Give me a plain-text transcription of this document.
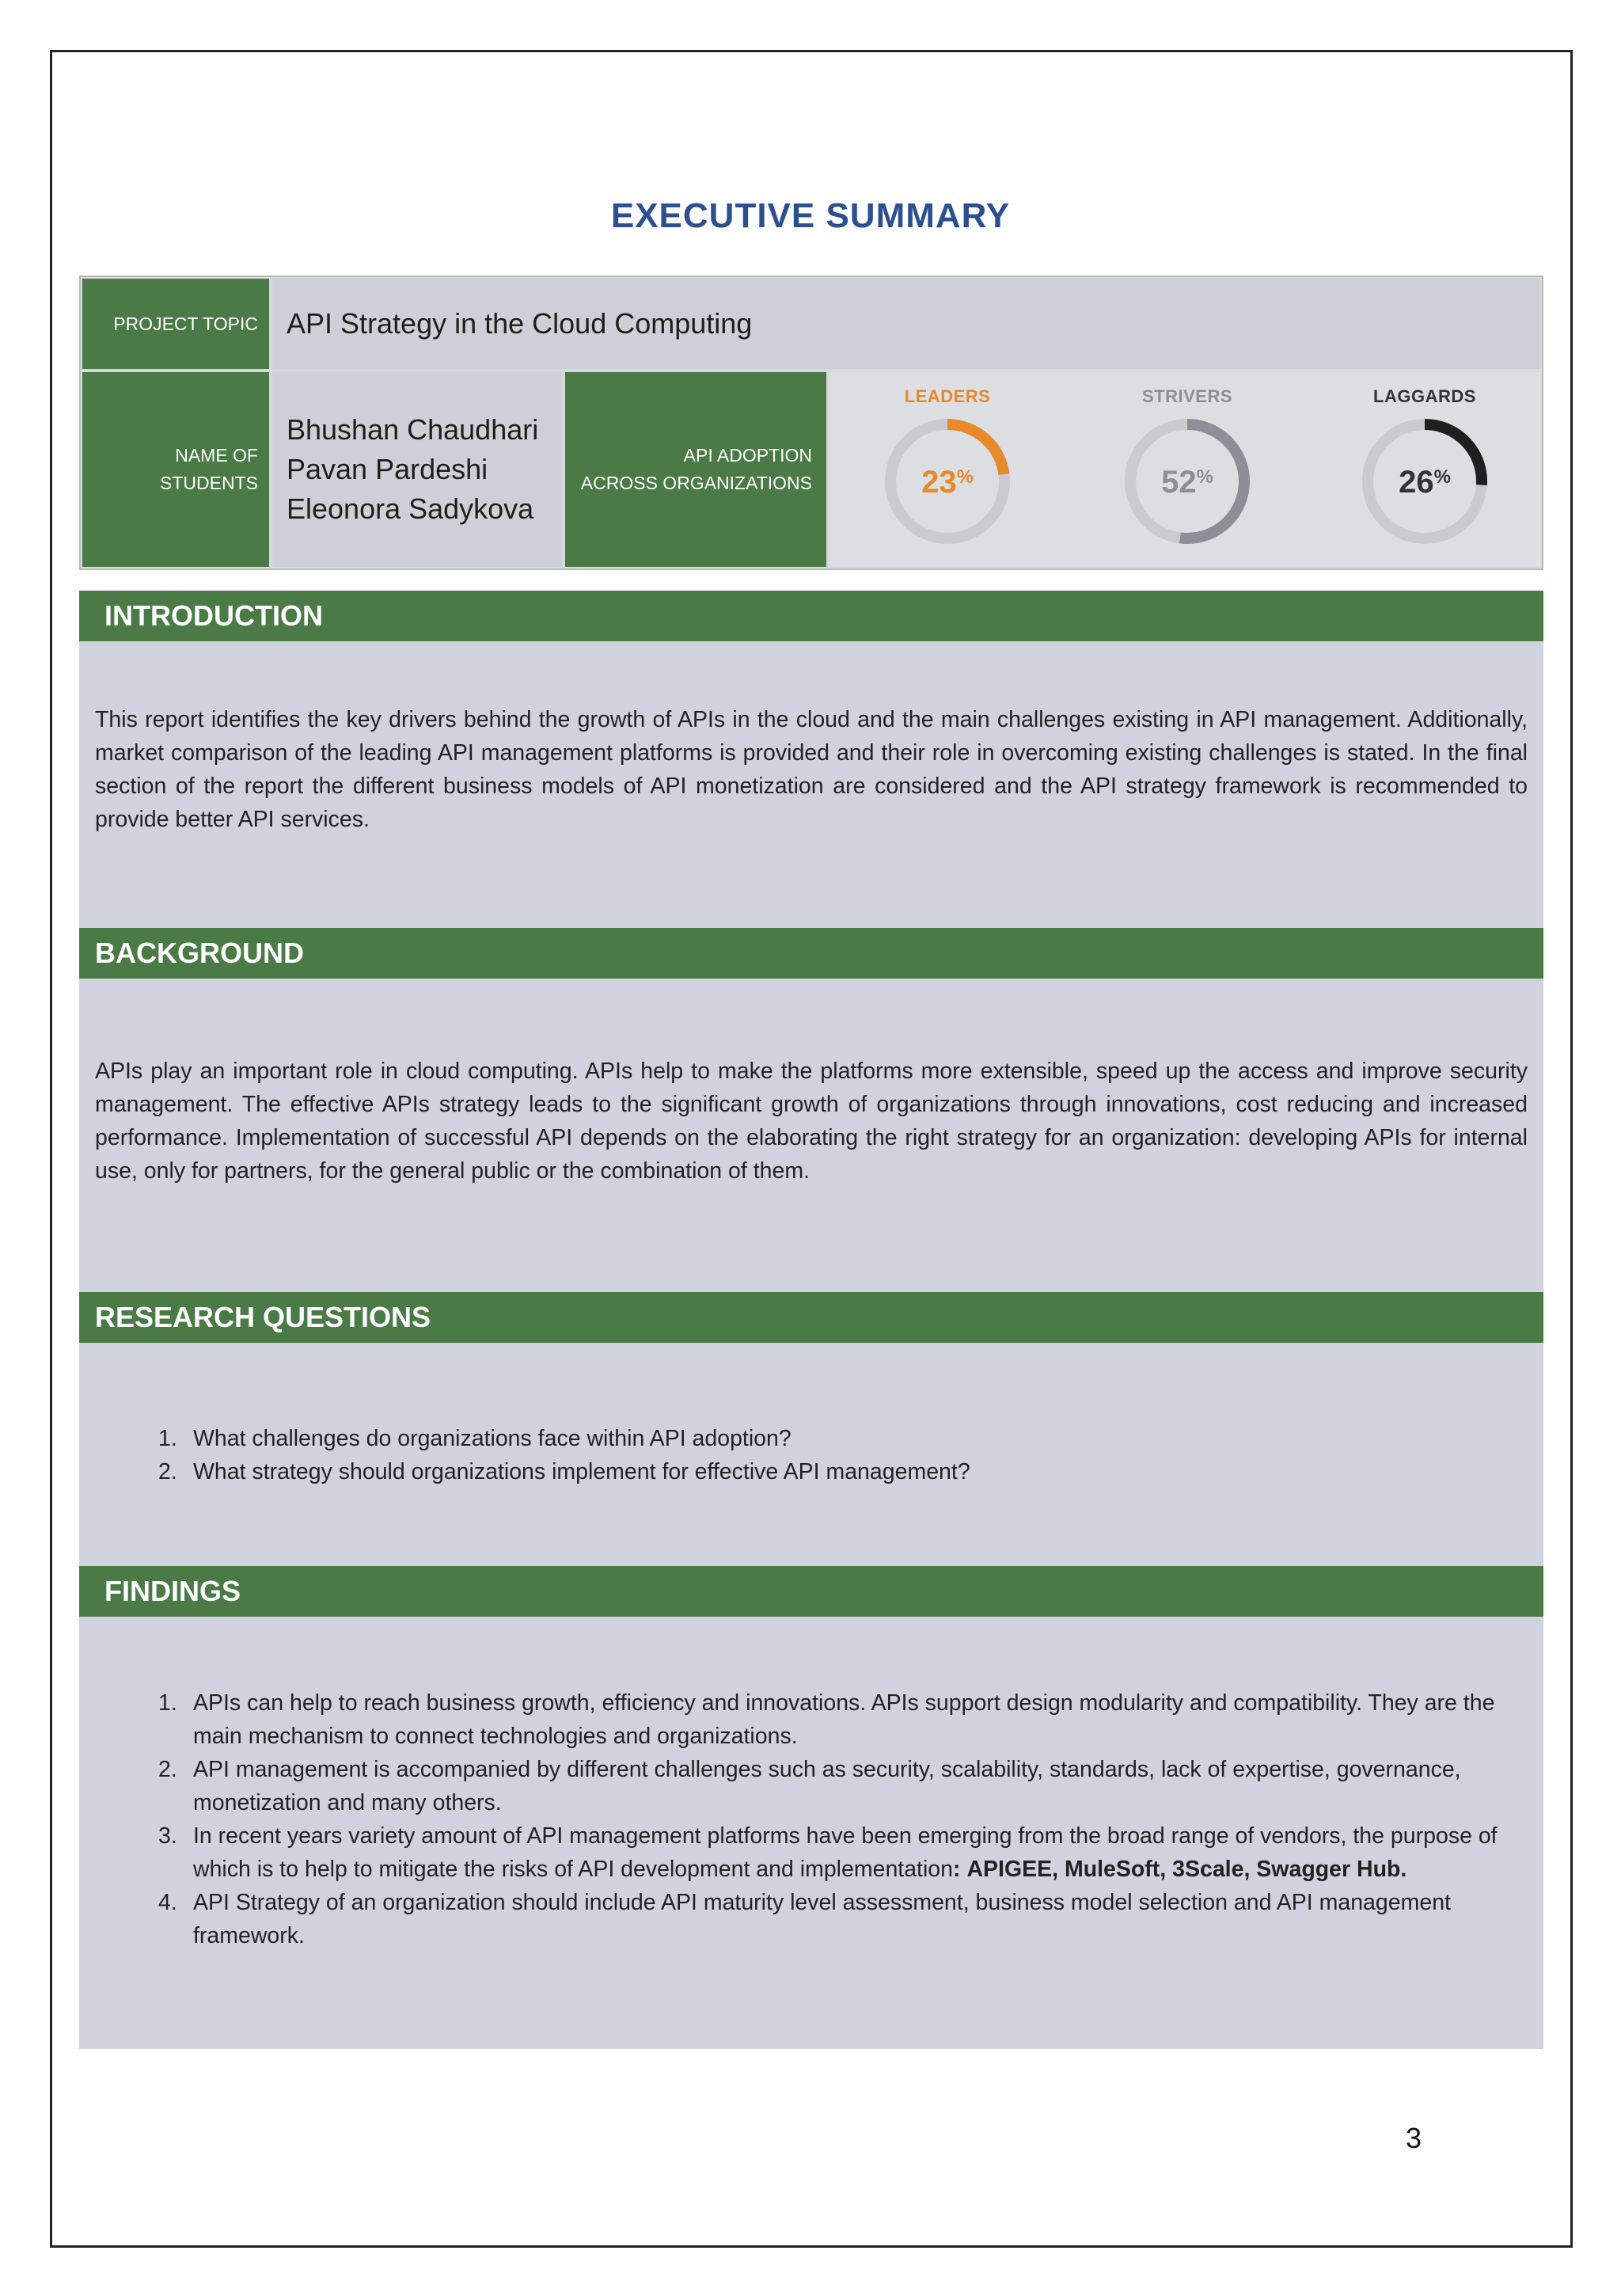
EXECUTIVE SUMMARY
PROJECT TOPIC API Strategy in the Cloud Computing
NAME OF
STUDENTS
Bhushan Chaudhari
Pavan Pardeshi
Eleonora Sadykova
API ADOPTION
ACROSS ORGANIZATIONS
LEADERS
23%
STRIVERS
52%
LAGGARDS
26%
INTRODUCTION
This report identifies the key drivers behind the growth of APIs in the cloud and the main challenges existing in API management. Additionally, market comparison of the leading API management platforms is provided and their role in overcoming existing challenges is stated. In the final section of the report the different business models of API monetization are considered and the API strategy framework is recommended to provide better API services.
BACKGROUND
APIs play an important role in cloud computing. APIs help to make the platforms more extensible, speed up the access and improve security management. The effective APIs strategy leads to the significant growth of organizations through innovations, cost reducing and increased performance. Implementation of successful API depends on the elaborating the right strategy for an organization: developing APIs for internal use, only for partners, for the general public or the combination of them.
RESEARCH QUESTIONS
1. What challenges do organizations face within API adoption?
2. What strategy should organizations implement for effective API management?
FINDINGS
1. APIs can help to reach business growth, efficiency and innovations. APIs support design modularity and compatibility. They are the main mechanism to connect technologies and organizations.
2. API management is accompanied by different challenges such as security, scalability, standards, lack of expertise, governance, monetization and many others.
3. In recent years variety amount of API management platforms have been emerging from the broad range of vendors, the purpose of which is to help to mitigate the risks of API development and implementation: APIGEE, MuleSoft, 3Scale, Swagger Hub.
4. API Strategy of an organization should include API maturity level assessment, business model selection and API management framework.
3
